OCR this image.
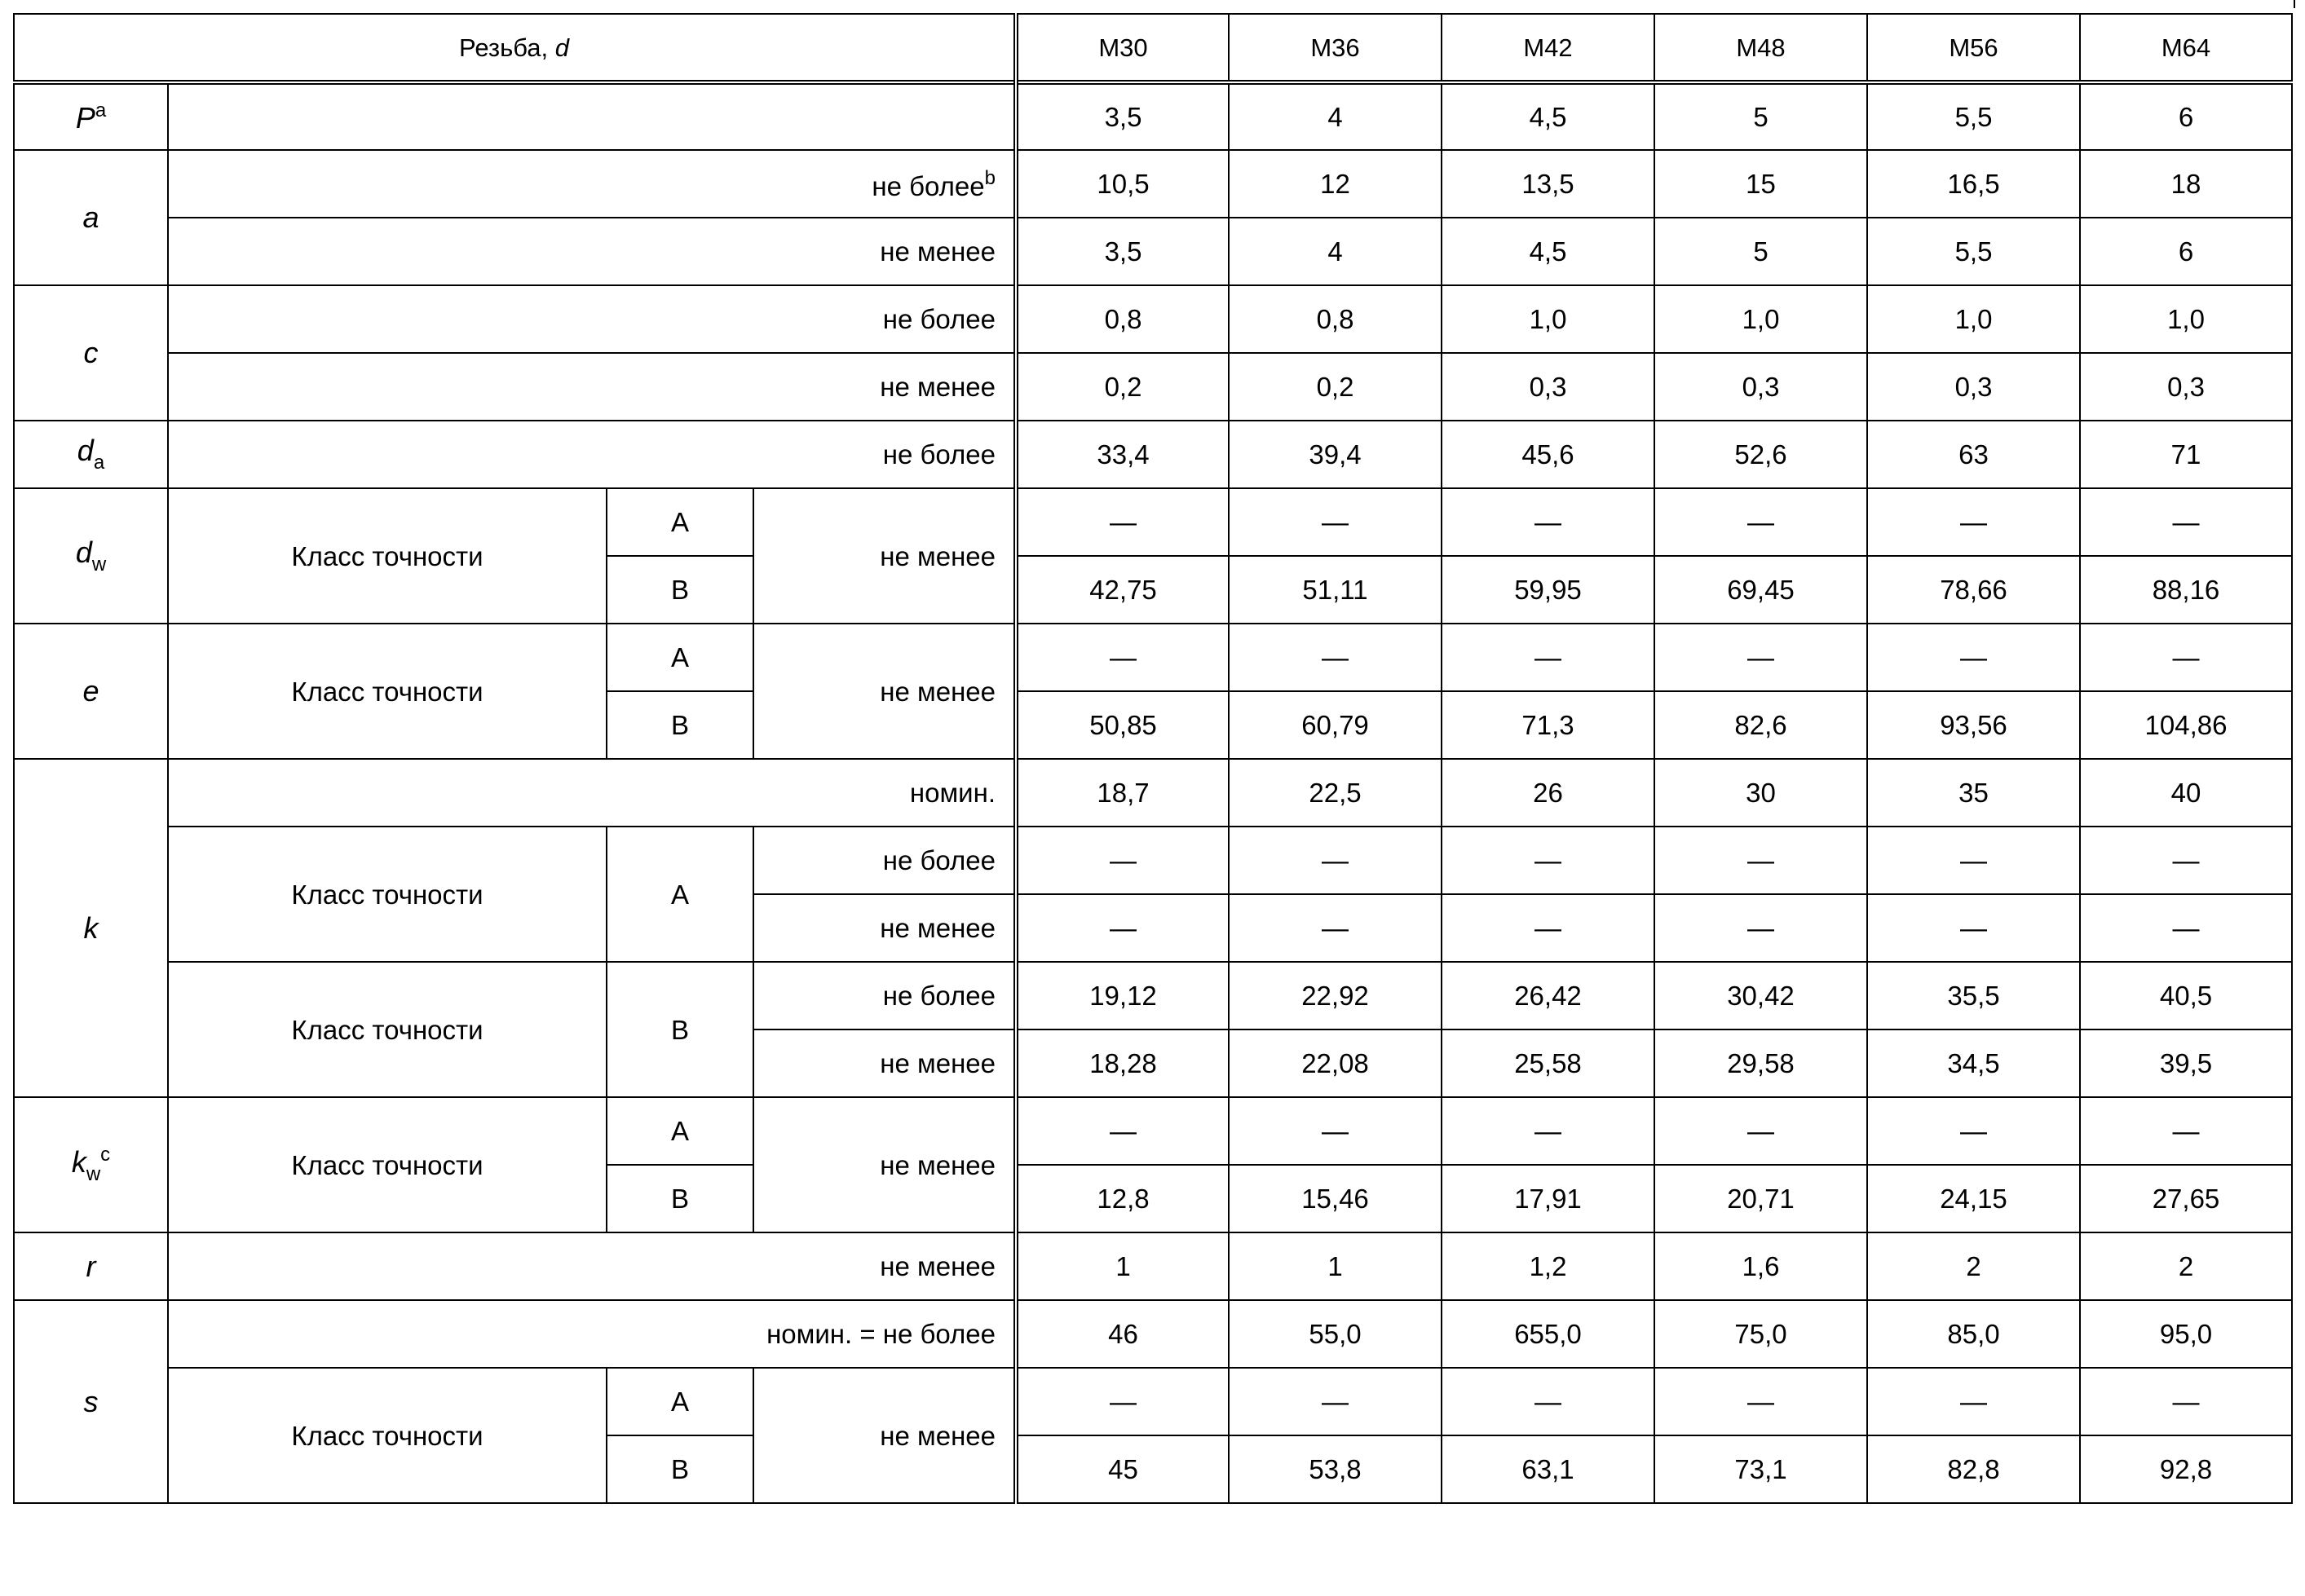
Резьба, d				M30	M36	M42	M48	M56	M64
$P^a$				3,5	4	4,5	5	5,5	6
a	не более$^b$			10,5	12	13,5	15	16,5	18
	не менее			3,5	4	4,5	5	5,5	6
c	не более			0,8	0,8	1,0	1,0	1,0	1,0
	не менее			0,2	0,2	0,3	0,3	0,3	0,3
$d_a$	не более			33,4	39,4	45,6	52,6	63	71
$d_w$	Класс точности	А	не менее	—	—	—	—	—	—
		В		42,75	51,11	59,95	69,45	78,66	88,16
e	Класс точности	А	не менее	—	—	—	—	—	—
		В		50,85	60,79	71,3	82,6	93,56	104,86
k	номин.			18,7	22,5	26	30	35	40
	Класс точности	А	не более	—	—	—	—	—	—
			не менее	—	—	—	—	—	—
	Класс точности	В	не более	19,12	22,92	26,42	30,42	35,5	40,5
			не менее	18,28	22,08	25,58	29,58	34,5	39,5
$k_w^c$	Класс точности	А	не менее	—	—	—	—	—	—
		В		12,8	15,46	17,91	20,71	24,15	27,65
r	не менее			1	1	1,2	1,6	2	2
s	номин. = не более			46	55,0	655,0	75,0	85,0	95,0
	Класс точности	А	не менее	—	—	—	—	—	—
		В		45	53,8	63,1	73,1	82,8	92,8
